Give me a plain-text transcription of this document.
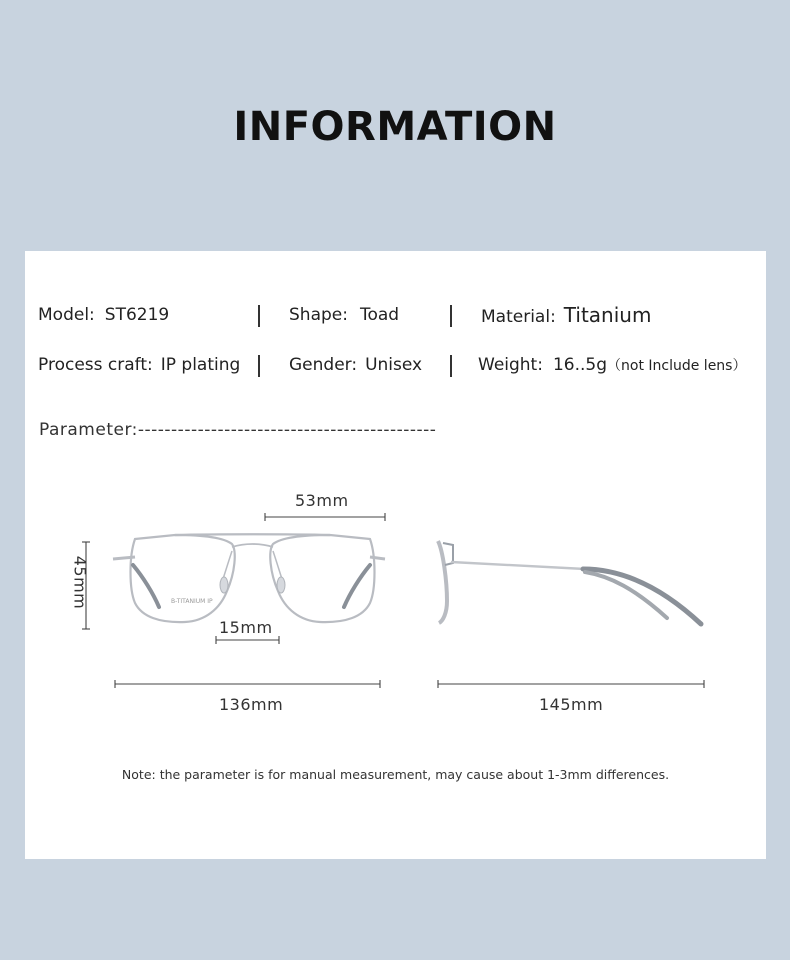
INFORMATION
Model: ST6219	Shape: Toad	Material: Titanium
Process craft: IP plating	Gender: Unisex	Weight: 16..5g（not Include lens）
Parameter:---------------------------------------------
B-TITANIUM IP
53mm
45mm
15mm
136mm	145mm
Note: the parameter is for manual measurement, may cause about 1-3mm differences.
